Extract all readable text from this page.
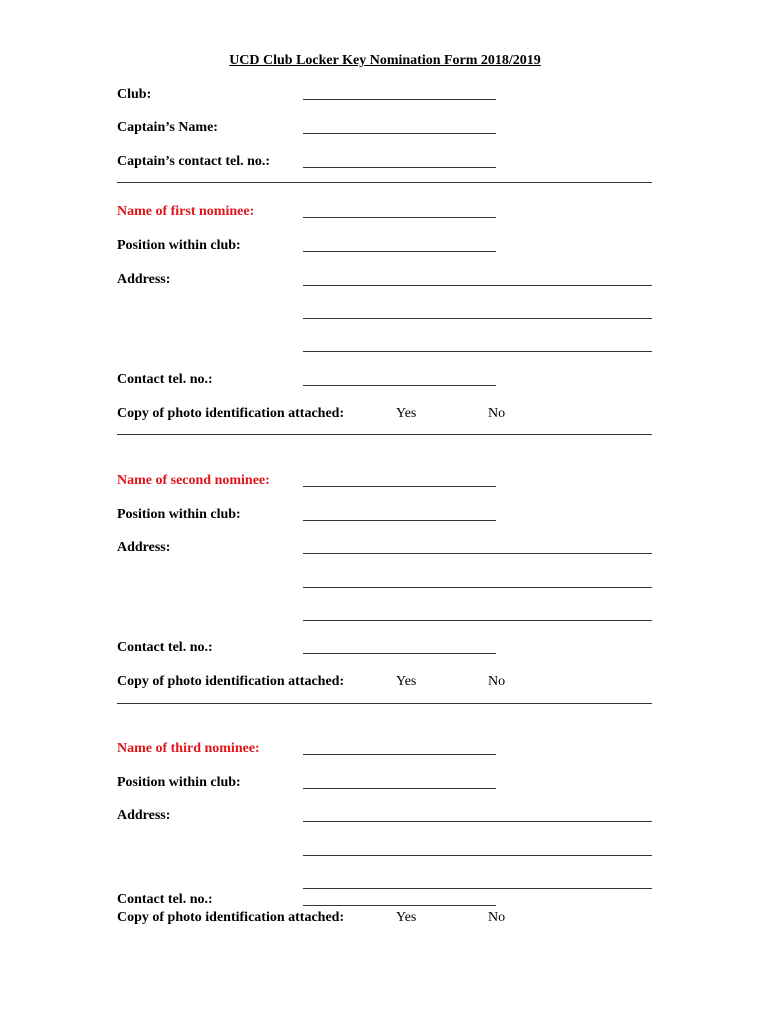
UCD Club Locker Key Nomination Form 2018/2019
Club:
Captain’s Name:
Captain’s contact tel. no.:
Name of first nominee:
Position within club:
Address:
Contact tel. no.:
Copy of photo identification attached:	Yes	No
Name of second nominee:
Position within club:
Address:
Contact tel. no.:
Copy of photo identification attached:	Yes	No
Name of third nominee:
Position within club:
Address:
Contact tel. no.:
Copy of photo identification attached:	Yes	No
